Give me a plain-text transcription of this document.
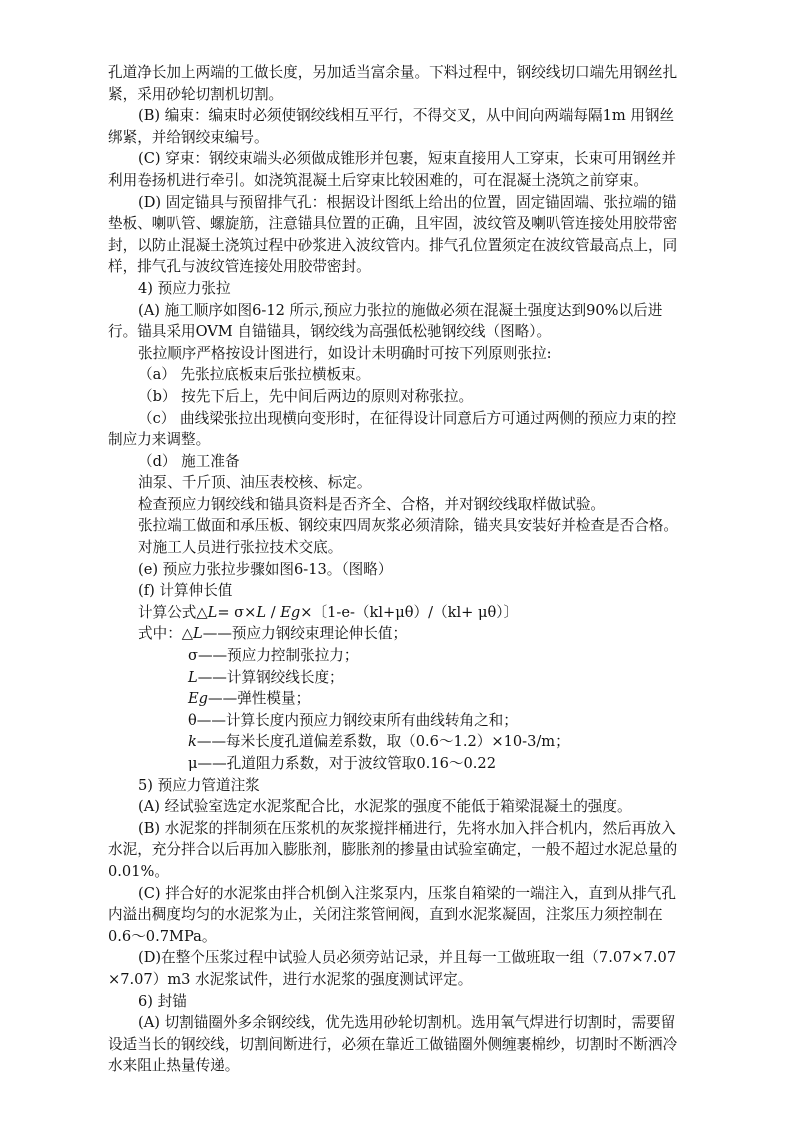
孔道净长加上两端的工做长度，另加适当富余量。下料过程中，钢绞线切口端先用钢丝扎
紧，采用砂轮切割机切割。
(B) 编束：编束时必须使钢绞线相互平行，不得交叉，从中间向两端每隔1m 用钢丝
绑紧，并给钢绞束编号。
(C) 穿束：钢绞束端头必须做成锥形并包裹，短束直接用人工穿束，长束可用钢丝并
利用卷扬机进行牵引。如浇筑混凝土后穿束比较困难的，可在混凝土浇筑之前穿束。
(D) 固定锚具与预留排气孔：根据设计图纸上给出的位置，固定锚固端、张拉端的锚
垫板、喇叭管、螺旋筋，注意锚具位置的正确，且牢固，波纹管及喇叭管连接处用胶带密
封，以防止混凝土浇筑过程中砂浆进入波纹管内。排气孔位置须定在波纹管最高点上，同
样，排气孔与波纹管连接处用胶带密封。
4) 预应力张拉
(A) 施工顺序如图6-12 所示,预应力张拉的施做必须在混凝土强度达到90%以后进
行。锚具采用OVM 自锚锚具，钢绞线为高强低松驰钢绞线（图略）。
张拉顺序严格按设计图进行，如设计未明确时可按下列原则张拉:
（a） 先张拉底板束后张拉横板束。
（b） 按先下后上，先中间后两边的原则对称张拉。
（c） 曲线梁张拉出现横向变形时，在征得设计同意后方可通过两侧的预应力束的控
制应力来调整。
（d） 施工准备
油泵、千斤顶、油压表校核、标定。
检查预应力钢绞线和锚具资料是否齐全、合格，并对钢绞线取样做试验。
张拉端工做面和承压板、钢绞束四周灰浆必须清除，锚夹具安装好并检查是否合格。
对施工人员进行张拉技术交底。
(e) 预应力张拉步骤如图6-13。（图略）
(f) 计算伸长值
计算公式△L= σ×L / Eg×〔1-e-（kl+μθ）/（kl+ μθ）〕
式中：△L——预应力钢绞束理论伸长值；
σ——预应力控制张拉力；
L——计算钢绞线长度；
Eg——弹性模量；
θ——计算长度内预应力钢绞束所有曲线转角之和；
k——每米长度孔道偏差系数，取（0.6～1.2）×10-3/m；
μ——孔道阻力系数，对于波纹管取0.16～0.22
5) 预应力管道注浆
(A) 经试验室选定水泥浆配合比，水泥浆的强度不能低于箱梁混凝土的强度。
(B) 水泥浆的拌制须在压浆机的灰浆搅拌桶进行，先将水加入拌合机内，然后再放入
水泥，充分拌合以后再加入膨胀剂，膨胀剂的掺量由试验室确定，一般不超过水泥总量的
0.01%。
(C) 拌合好的水泥浆由拌合机倒入注浆泵内，压浆自箱梁的一端注入，直到从排气孔
内溢出稠度均匀的水泥浆为止，关闭注浆管闸阀，直到水泥浆凝固，注浆压力须控制在
0.6～0.7MPa。
(D)在整个压浆过程中试验人员必须旁站记录，并且每一工做班取一组（7.07×7.07
×7.07）m3 水泥浆试件，进行水泥浆的强度测试评定。
6) 封锚
(A) 切割锚圈外多余钢绞线，优先选用砂轮切割机。选用氧气焊进行切割时，需要留
设适当长的钢绞线，切割间断进行，必须在靠近工做锚圈外侧缠裹棉纱，切割时不断洒冷
水来阻止热量传递。
